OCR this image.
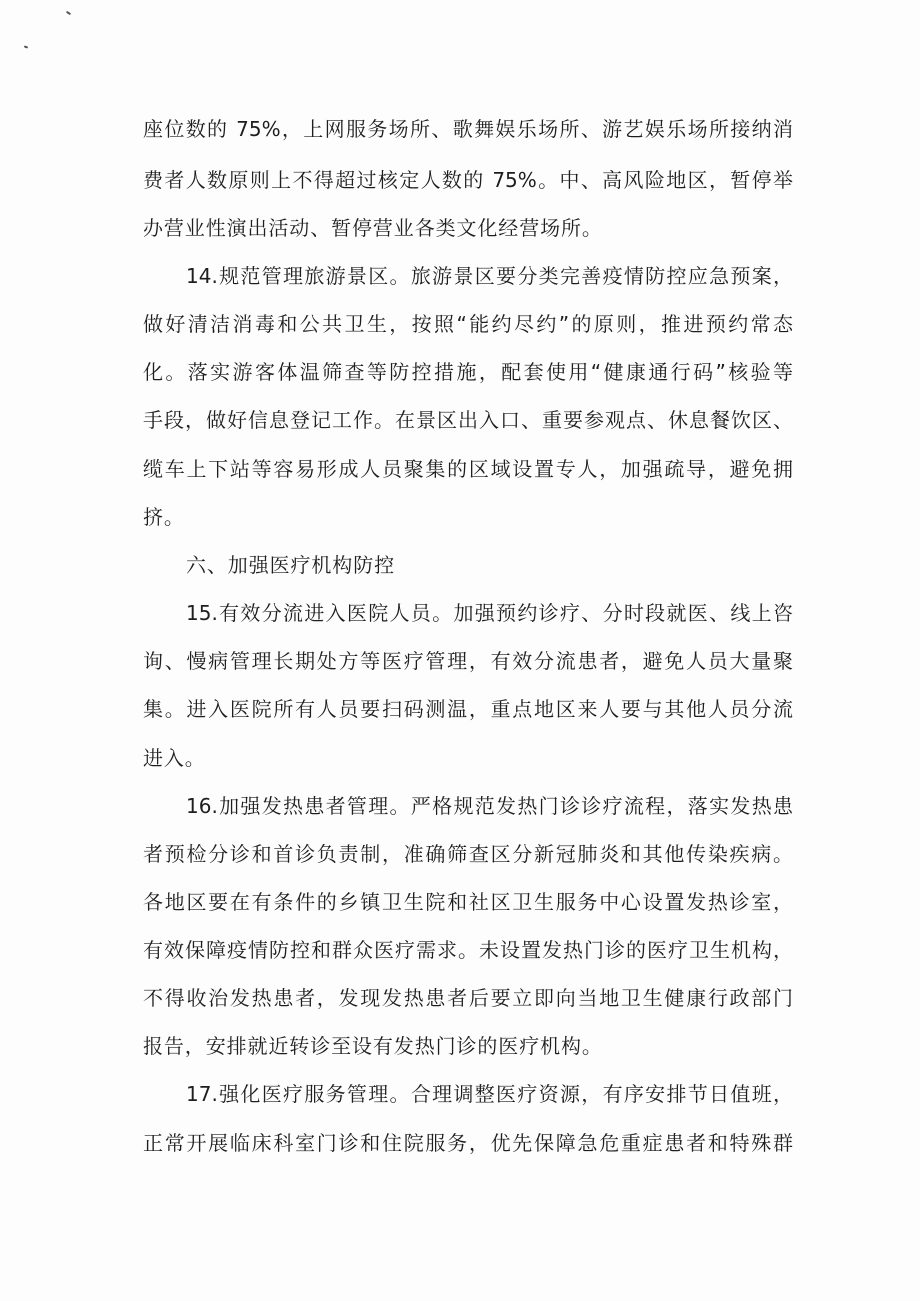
座位数的 75%，上网服务场所、歌舞娱乐场所、游艺娱乐场所接纳消
费者人数原则上不得超过核定人数的 75%。中、高风险地区，暂停举
办营业性演出活动、暂停营业各类文化经营场所。
14.规范管理旅游景区。旅游景区要分类完善疫情防控应急预案，
做好清洁消毒和公共卫生，按照“能约尽约”的原则，推进预约常态
化。落实游客体温筛查等防控措施，配套使用“健康通行码”核验等
手段，做好信息登记工作。在景区出入口、重要参观点、休息餐饮区、
缆车上下站等容易形成人员聚集的区域设置专人，加强疏导，避免拥
挤。
六、加强医疗机构防控
15.有效分流进入医院人员。加强预约诊疗、分时段就医、线上咨
询、慢病管理长期处方等医疗管理，有效分流患者，避免人员大量聚
集。进入医院所有人员要扫码测温，重点地区来人要与其他人员分流
进入。
16.加强发热患者管理。严格规范发热门诊诊疗流程，落实发热患
者预检分诊和首诊负责制，准确筛查区分新冠肺炎和其他传染疾病。
各地区要在有条件的乡镇卫生院和社区卫生服务中心设置发热诊室，
有效保障疫情防控和群众医疗需求。未设置发热门诊的医疗卫生机构，
不得收治发热患者，发现发热患者后要立即向当地卫生健康行政部门
报告，安排就近转诊至设有发热门诊的医疗机构。
17.强化医疗服务管理。合理调整医疗资源，有序安排节日值班，
正常开展临床科室门诊和住院服务，优先保障急危重症患者和特殊群
